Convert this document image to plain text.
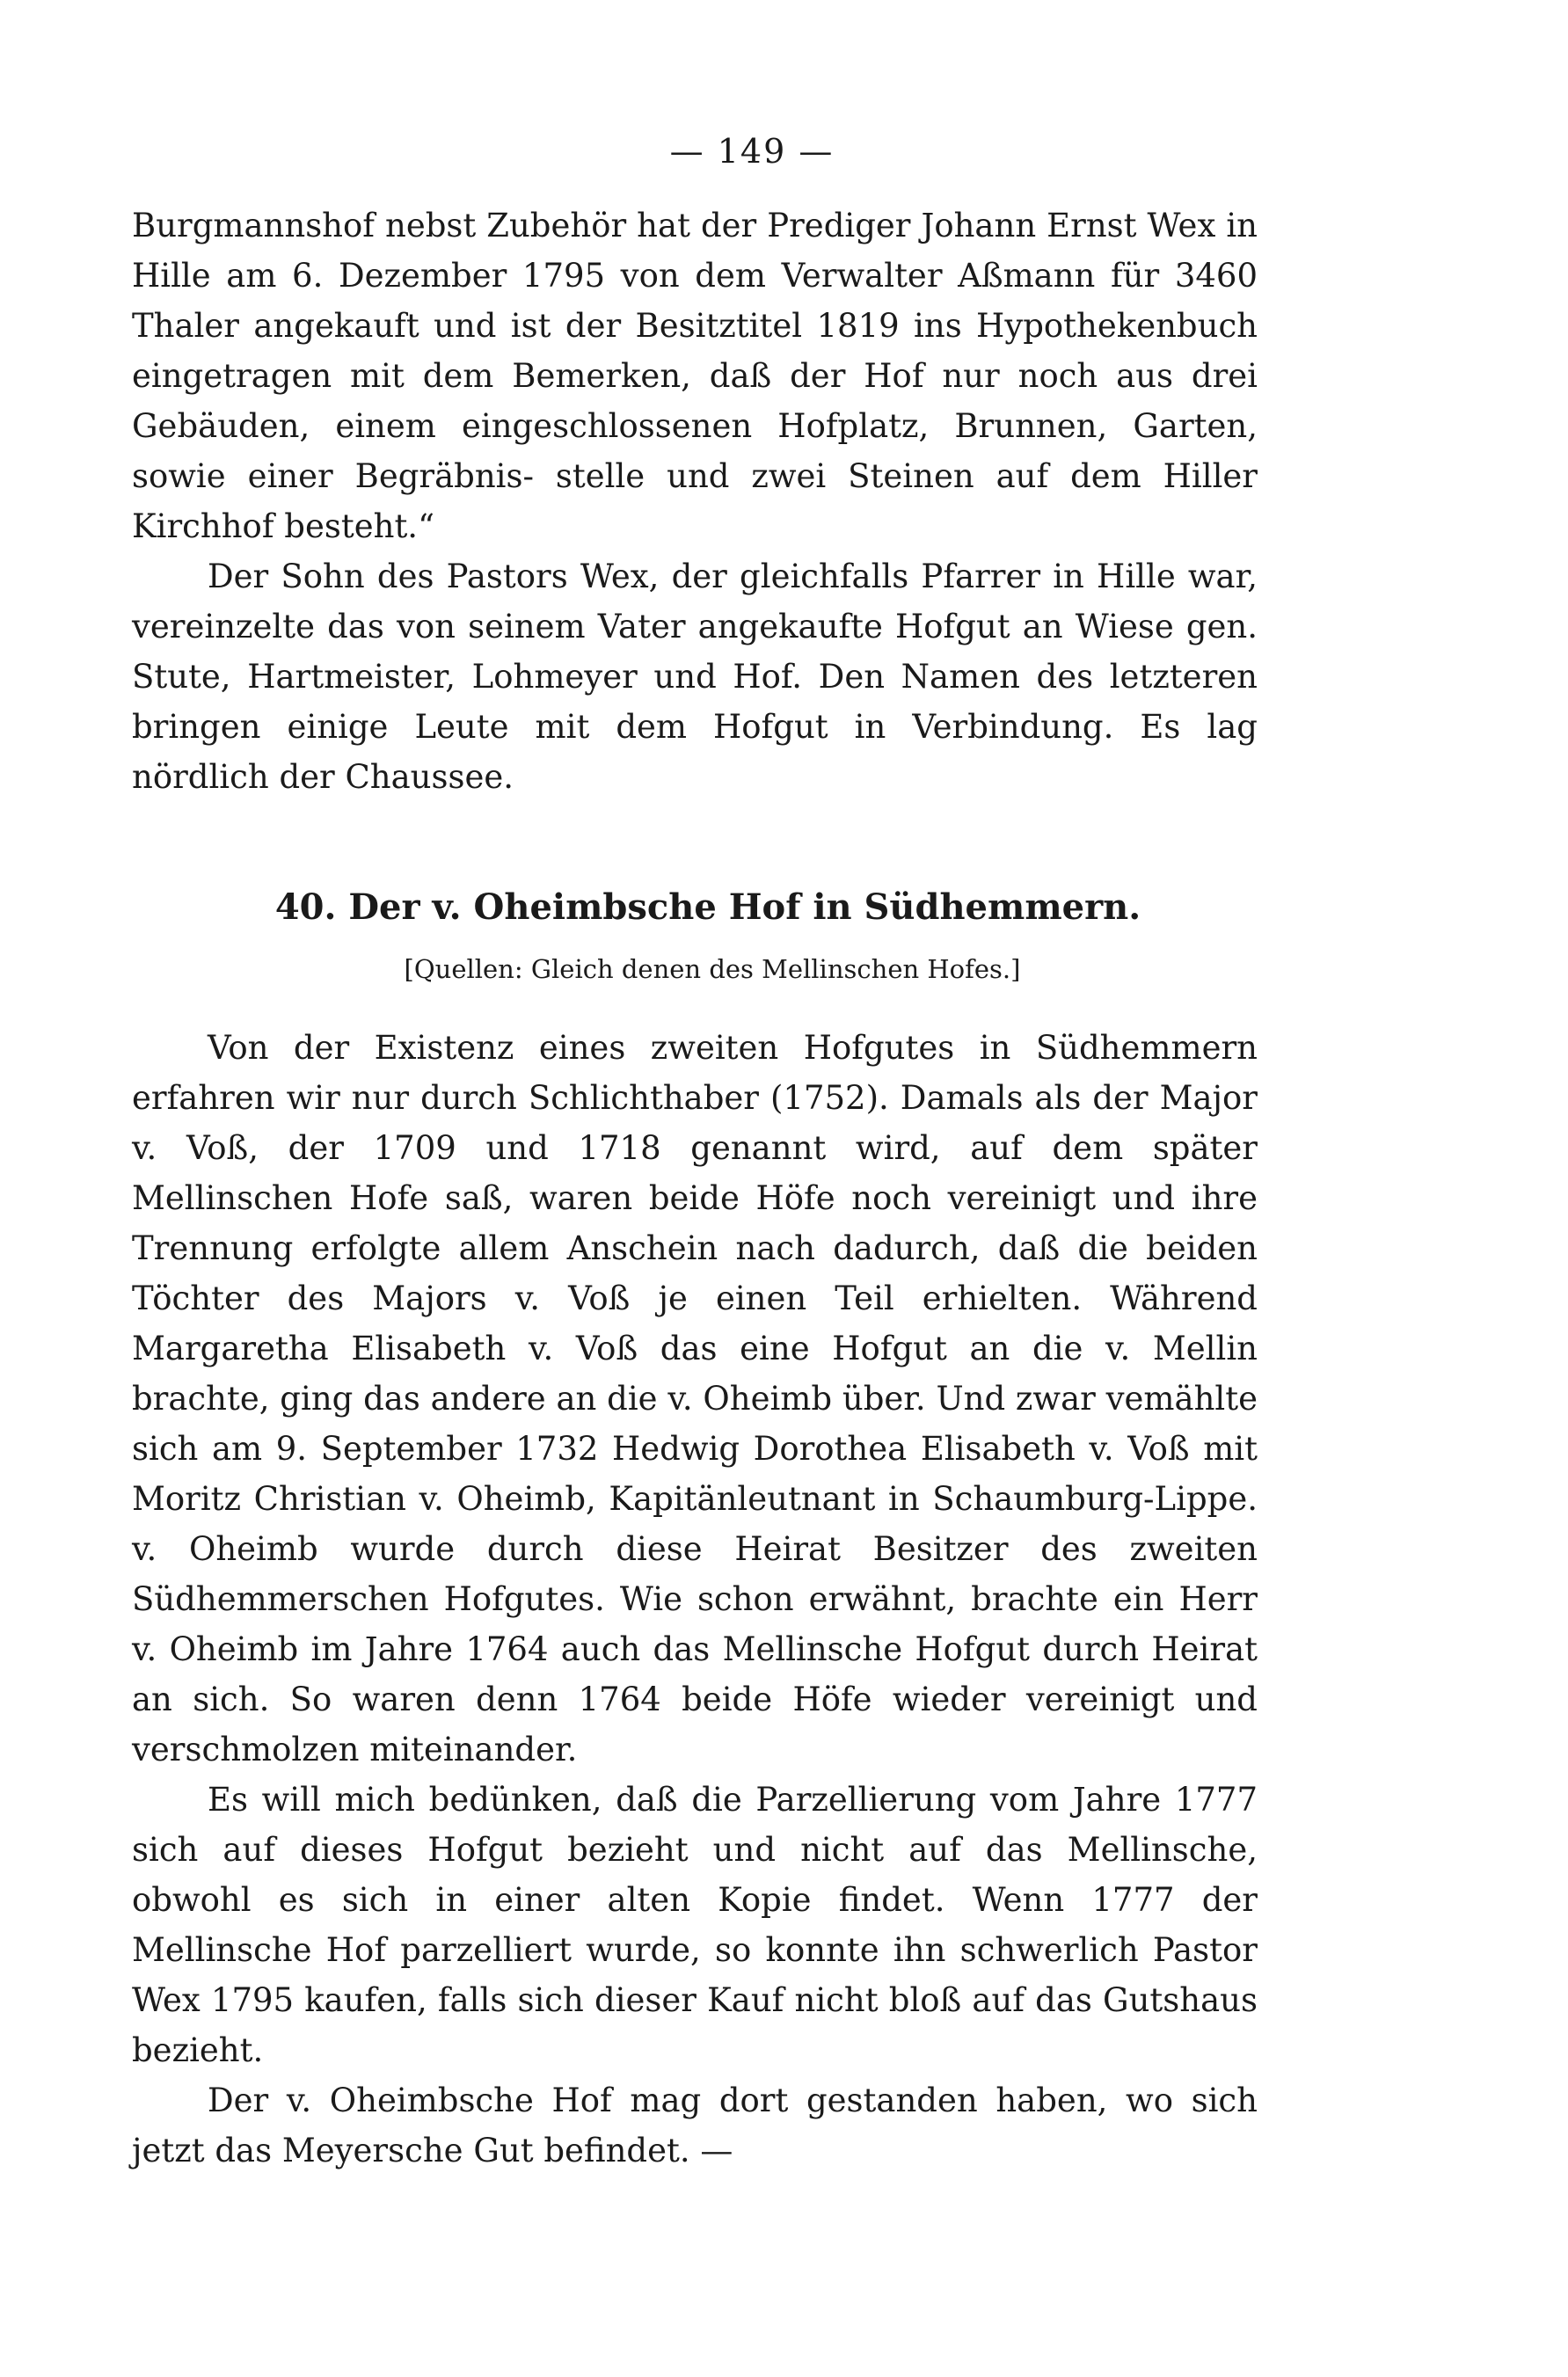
— 149 —

Burgmannshof nebst Zubehör hat der Prediger Johann Ernst Wex in Hille am 6. Dezember 1795 von dem Verwalter Aßmann für 3460 Thaler angekauft und ist der Besitztitel 1819 ins Hypothekenbuch eingetragen mit dem Bemerken, daß der Hof nur noch aus drei Gebäuden, einem eingeschlossenen Hofplatz, Brunnen, Garten, sowie einer Begräbnis- stelle und zwei Steinen auf dem Hiller Kirchhof besteht.“

Der Sohn des Pastors Wex, der gleichfalls Pfarrer in Hille war, vereinzelte das von seinem Vater angekaufte Hofgut an Wiese gen. Stute, Hartmeister, Lohmeyer und Hof. Den Namen des letzteren bringen einige Leute mit dem Hofgut in Verbindung. Es lag nördlich der Chaussee.

40. Der v. Oheimbsche Hof in Südhemmern.
[Quellen: Gleich denen des Mellinschen Hofes.]

Von der Existenz eines zweiten Hofgutes in Südhemmern erfahren wir nur durch Schlichthaber (1752). Damals als der Major v. Voß, der 1709 und 1718 genannt wird, auf dem später Mellinschen Hofe saß, waren beide Höfe noch vereinigt und ihre Trennung erfolgte allem Anschein nach dadurch, daß die beiden Töchter des Majors v. Voß je einen Teil erhielten. Während Margaretha Elisabeth v. Voß das eine Hofgut an die v. Mellin brachte, ging das andere an die v. Oheimb über. Und zwar vemählte sich am 9. September 1732 Hedwig Dorothea Elisabeth v. Voß mit Moritz Christian v. Oheimb, Kapitänleutnant in Schaumburg-Lippe. v. Oheimb wurde durch diese Heirat Besitzer des zweiten Südhemmerschen Hofgutes. Wie schon erwähnt, brachte ein Herr v. Oheimb im Jahre 1764 auch das Mellinsche Hofgut durch Heirat an sich. So waren denn 1764 beide Höfe wieder vereinigt und verschmolzen miteinander.

Es will mich bedünken, daß die Parzellierung vom Jahre 1777 sich auf dieses Hofgut bezieht und nicht auf das Mellinsche, obwohl es sich in einer alten Kopie findet. Wenn 1777 der Mellinsche Hof parzelliert wurde, so konnte ihn schwerlich Pastor Wex 1795 kaufen, falls sich dieser Kauf nicht bloß auf das Gutshaus bezieht.

Der v. Oheimbsche Hof mag dort gestanden haben, wo sich jetzt das Meyersche Gut befindet. —
